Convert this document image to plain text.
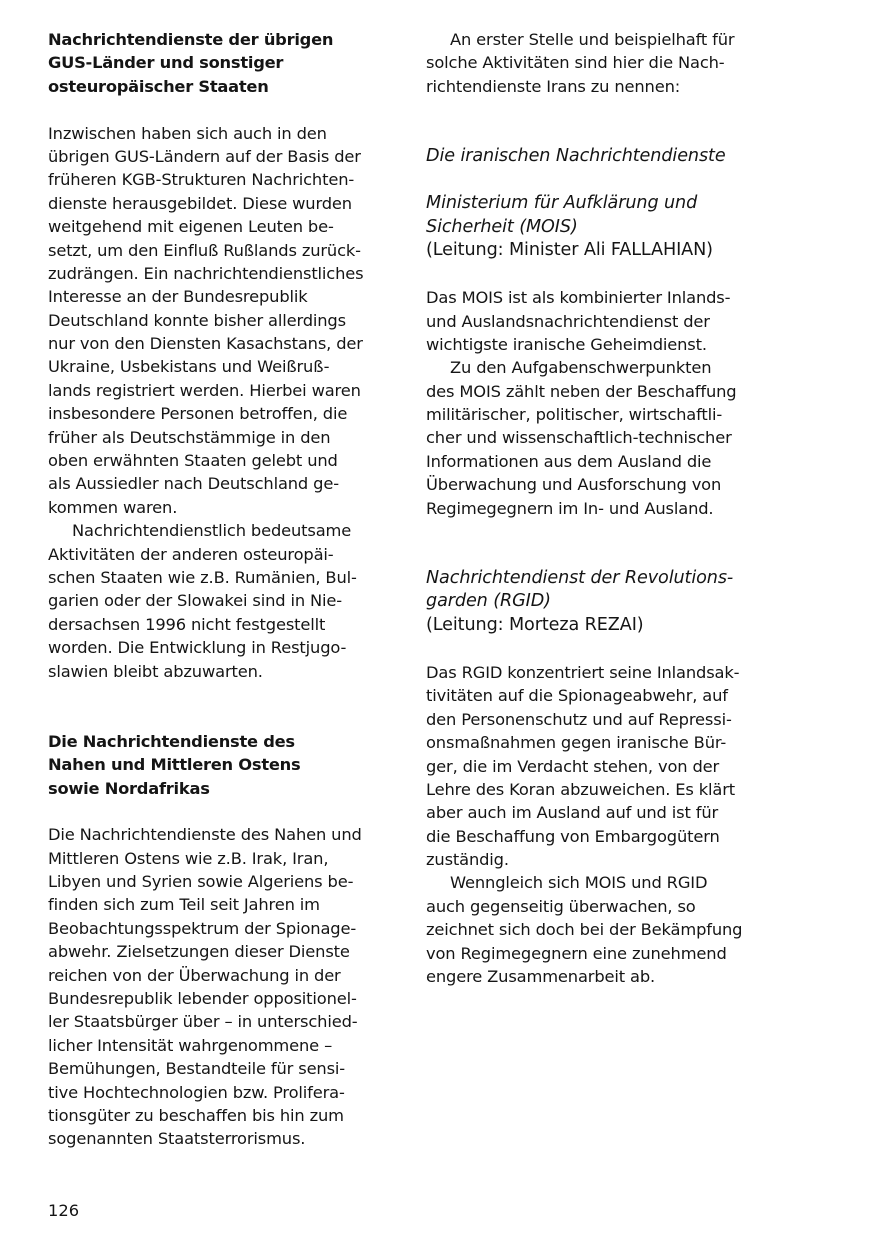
Nachrichtendienste der übrigen
GUS-Länder und sonstiger
osteuropäischer Staaten
Inzwischen haben sich auch in den
übrigen GUS-Ländern auf der Basis der
früheren KGB-Strukturen Nachrichten-
dienste herausgebildet. Diese wurden
weitgehend mit eigenen Leuten be-
setzt, um den Einfluß Rußlands zurück-
zudrängen. Ein nachrichtendienstliches
Interesse an der Bundesrepublik
Deutschland konnte bisher allerdings
nur von den Diensten Kasachstans, der
Ukraine, Usbekistans und Weißruß-
lands registriert werden. Hierbei waren
insbesondere Personen betroffen, die
früher als Deutschstämmige in den
oben erwähnten Staaten gelebt und
als Aussiedler nach Deutschland ge-
kommen waren.
Nachrichtendienstlich bedeutsame
Aktivitäten der anderen osteuropäi-
schen Staaten wie z.B. Rumänien, Bul-
garien oder der Slowakei sind in Nie-
dersachsen 1996 nicht festgestellt
worden. Die Entwicklung in Restjugo-
slawien bleibt abzuwarten.
Die Nachrichtendienste des
Nahen und Mittleren Ostens
sowie Nordafrikas
Die Nachrichtendienste des Nahen und
Mittleren Ostens wie z.B. Irak, Iran,
Libyen und Syrien sowie Algeriens be-
finden sich zum Teil seit Jahren im
Beobachtungsspektrum der Spionage-
abwehr. Zielsetzungen dieser Dienste
reichen von der Überwachung in der
Bundesrepublik lebender oppositionel-
ler Staatsbürger über – in unterschied-
licher Intensität wahrgenommene –
Bemühungen, Bestandteile für sensi-
tive Hochtechnologien bzw. Prolifera-
tionsgüter zu beschaffen bis hin zum
sogenannten Staatsterrorismus.
An erster Stelle und beispielhaft für
solche Aktivitäten sind hier die Nach-
richtendienste Irans zu nennen:
Die iranischen Nachrichtendienste
Ministerium für Aufklärung und
Sicherheit (MOIS)
(Leitung: Minister Ali FALLAHIAN)
Das MOIS ist als kombinierter Inlands-
und Auslandsnachrichtendienst der
wichtigste iranische Geheimdienst.
Zu den Aufgabenschwerpunkten
des MOIS zählt neben der Beschaffung
militärischer, politischer, wirtschaftli-
cher und wissenschaftlich-technischer
Informationen aus dem Ausland die
Überwachung und Ausforschung von
Regimegegnern im In- und Ausland.
Nachrichtendienst der Revolutions-
garden (RGID)
(Leitung: Morteza REZAI)
Das RGID konzentriert seine Inlandsak-
tivitäten auf die Spionageabwehr, auf
den Personenschutz und auf Repressi-
onsmaßnahmen gegen iranische Bür-
ger, die im Verdacht stehen, von der
Lehre des Koran abzuweichen. Es klärt
aber auch im Ausland auf und ist für
die Beschaffung von Embargogütern
zuständig.
Wenngleich sich MOIS und RGID
auch gegenseitig überwachen, so
zeichnet sich doch bei der Bekämpfung
von Regimegegnern eine zunehmend
engere Zusammenarbeit ab.
126
